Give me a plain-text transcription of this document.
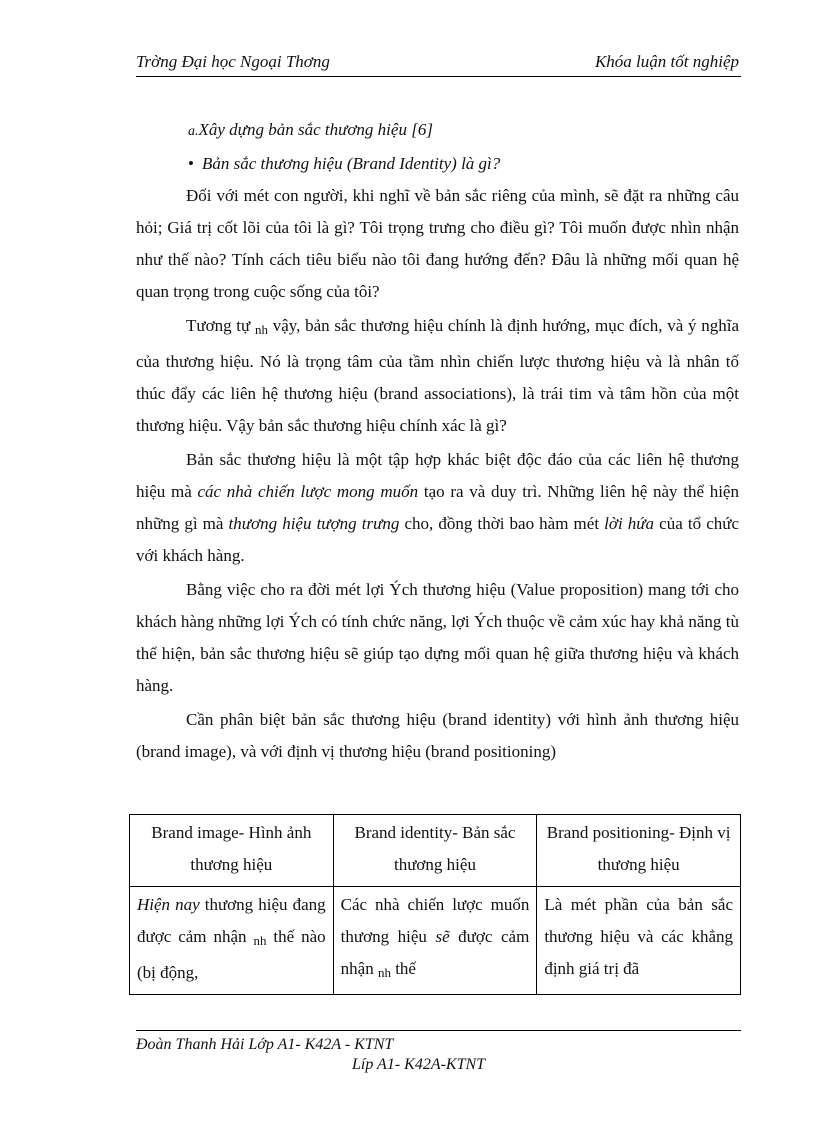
Trờng Đại học Ngoại Thơng	Khóa luận tốt nghiệp

a.Xây dựng bản sắc thương hiệu [6]

• Bản sắc thương hiệu (Brand Identity) là gì?

Đối với mét con người, khi nghĩ về bản sắc riêng của mình, sẽ đặt ra những câu hỏi; Giá trị cốt lõi của tôi là gì? Tôi trọng trưng cho điều gì? Tôi muốn được nhìn nhận như thế nào? Tính cách tiêu biểu nào tôi đang hướng đến? Đâu là những mối quan hệ quan trọng trong cuộc sống của tôi?

Tương tự nh vậy, bản sắc thương hiệu chính là định hướng, mục đích, và ý nghĩa của thương hiệu. Nó là trọng tâm của tầm nhìn chiến lược thương hiệu và là nhân tố thúc đẩy các liên hệ thương hiệu (brand associations), là trái tim và tâm hồn của một thương hiệu. Vậy bản sắc thương hiệu chính xác là gì?

Bản sắc thương hiệu là một tập hợp khác biệt độc đáo của các liên hệ thương hiệu mà các nhà chiến lược mong muốn tạo ra và duy trì. Những liên hệ này thể hiện những gì mà thương hiệu tượng trưng cho, đồng thời bao hàm mét lời hứa của tổ chức với khách hàng.

Bằng việc cho ra đời mét lợi Ých thương hiệu (Value proposition) mang tới cho khách hàng những lợi Ých có tính chức năng, lợi Ých thuộc về cảm xúc hay khả năng tù thể hiện, bản sắc thương hiệu sẽ giúp tạo dựng mối quan hệ giữa thương hiệu và khách hàng.

Cần phân biệt bản sắc thương hiệu (brand identity) với hình ảnh thương hiệu (brand image), và với định vị thương hiệu (brand positioning)

Brand image- Hình ảnh thương hiệu	Brand identity- Bản sắc thương hiệu	Brand positioning- Định vị thương hiệu
Hiện nay thương hiệu đang được cảm nhận nh thế nào (bị động,	Các nhà chiến lược muốn thương hiệu sẽ được cảm nhận nh thế	Là mét phần của bản sắc thương hiệu và các khẳng định giá trị đã
Đoàn Thanh Hải Lớp A1- K42A - KTNT
Líp A1- K42A-KTNT
